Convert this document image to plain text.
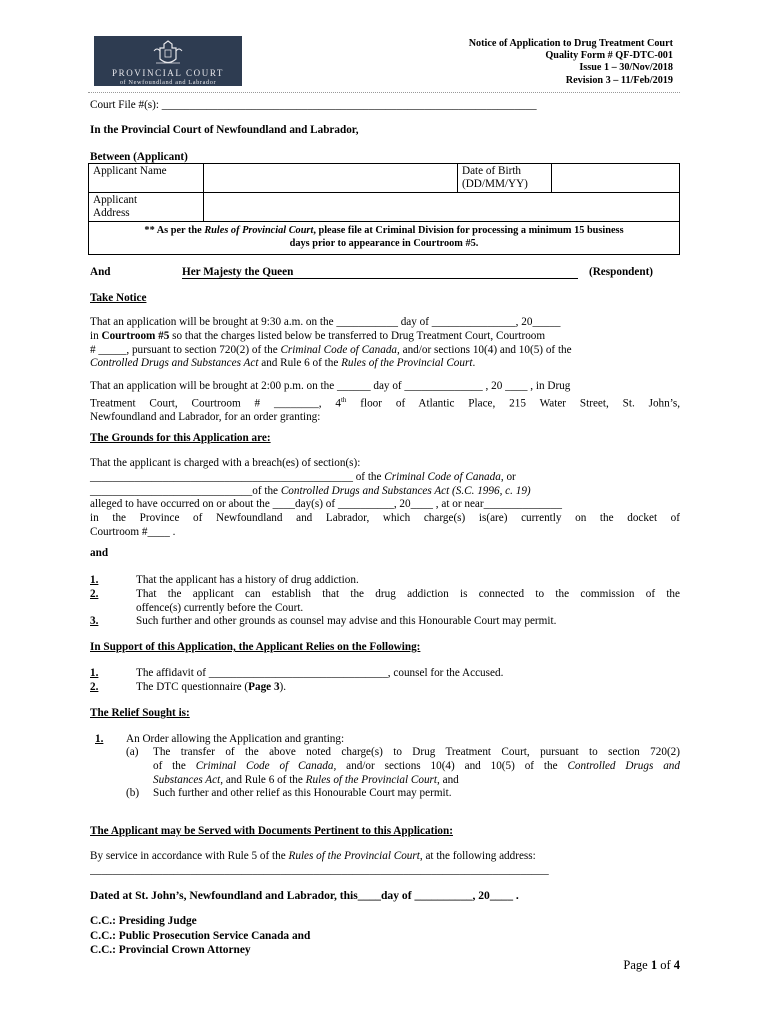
PROVINCIAL COURT
of Newfoundland and Labrador
Notice of Application to Drug Treatment Court
Quality Form # QF-DTC-001
Issue 1 – 30/Nov/2018
Revision 3 – 11/Feb/2019
Court File #(s): ___________________________________________________________________
In the Provincial Court of Newfoundland and Labrador,
Between (Applicant)
Applicant Name		Date of Birth
(DD/MM/YY)	

Applicant
Address			

** As per the Rules of Provincial Court, please file at Criminal Division for processing a minimum 15 business
days prior to appearance in Courtroom #5.			
And	Her Majesty the Queen	(Respondent)
Take Notice
That an application will be brought at 9:30 a.m. on the ___________ day of _______________, 20_____
in Courtroom #5 so that the charges listed below be transferred to Drug Treatment Court, Courtroom
# _____, pursuant to section 720(2) of the Criminal Code of Canada, and/or sections 10(4) and 10(5) of the
Controlled Drugs and Substances Act and Rule 6 of the Rules of the Provincial Court.
That an application will be brought at 2:00 p.m. on the ______ day of ______________ , 20 ____ , in Drug
Treatment Court, Courtroom # ________, 4th floor of Atlantic Place, 215 Water Street, St. John’s,
Newfoundland and Labrador, for an order granting:
The Grounds for this Application are:
That the applicant is charged with a breach(es) of section(s):
_______________________________________________ of the Criminal Code of Canada, or
_____________________________of the Controlled Drugs and Substances Act (S.C. 1996, c. 19)
alleged to have occurred on or about the ____day(s) of __________, 20____ , at or near______________
in the Province of Newfoundland and Labrador, which charge(s) is(are) currently on the docket of
Courtroom #____ .
and
1.	That the applicant has a history of drug addiction.
2.	That the applicant can establish that the drug addiction is connected to the commission of the
offence(s) currently before the Court.
3.	Such further and other grounds as counsel may advise and this Honourable Court may permit.
In Support of this Application, the Applicant Relies on the Following:
1.	The affidavit of ________________________________, counsel for the Accused.
2.	The DTC questionnaire (Page 3).
The Relief Sought is:
1. An Order allowing the Application and granting:
(a) The transfer of the above noted charge(s) to Drug Treatment Court, pursuant to section 720(2)
of the Criminal Code of Canada, and/or sections 10(4) and 10(5) of the Controlled Drugs and
Substances Act, and Rule 6 of the Rules of the Provincial Court, and
(b) Such further and other relief as this Honourable Court may permit.
The Applicant may be Served with Documents Pertinent to this Application:
By service in accordance with Rule 5 of the Rules of the Provincial Court, at the following address:
__________________________________________________________________________________
Dated at St. John’s, Newfoundland and Labrador, this____day of __________, 20____ .
C.C.: Presiding Judge
C.C.: Public Prosecution Service Canada and
C.C.: Provincial Crown Attorney
Page 1 of 4
